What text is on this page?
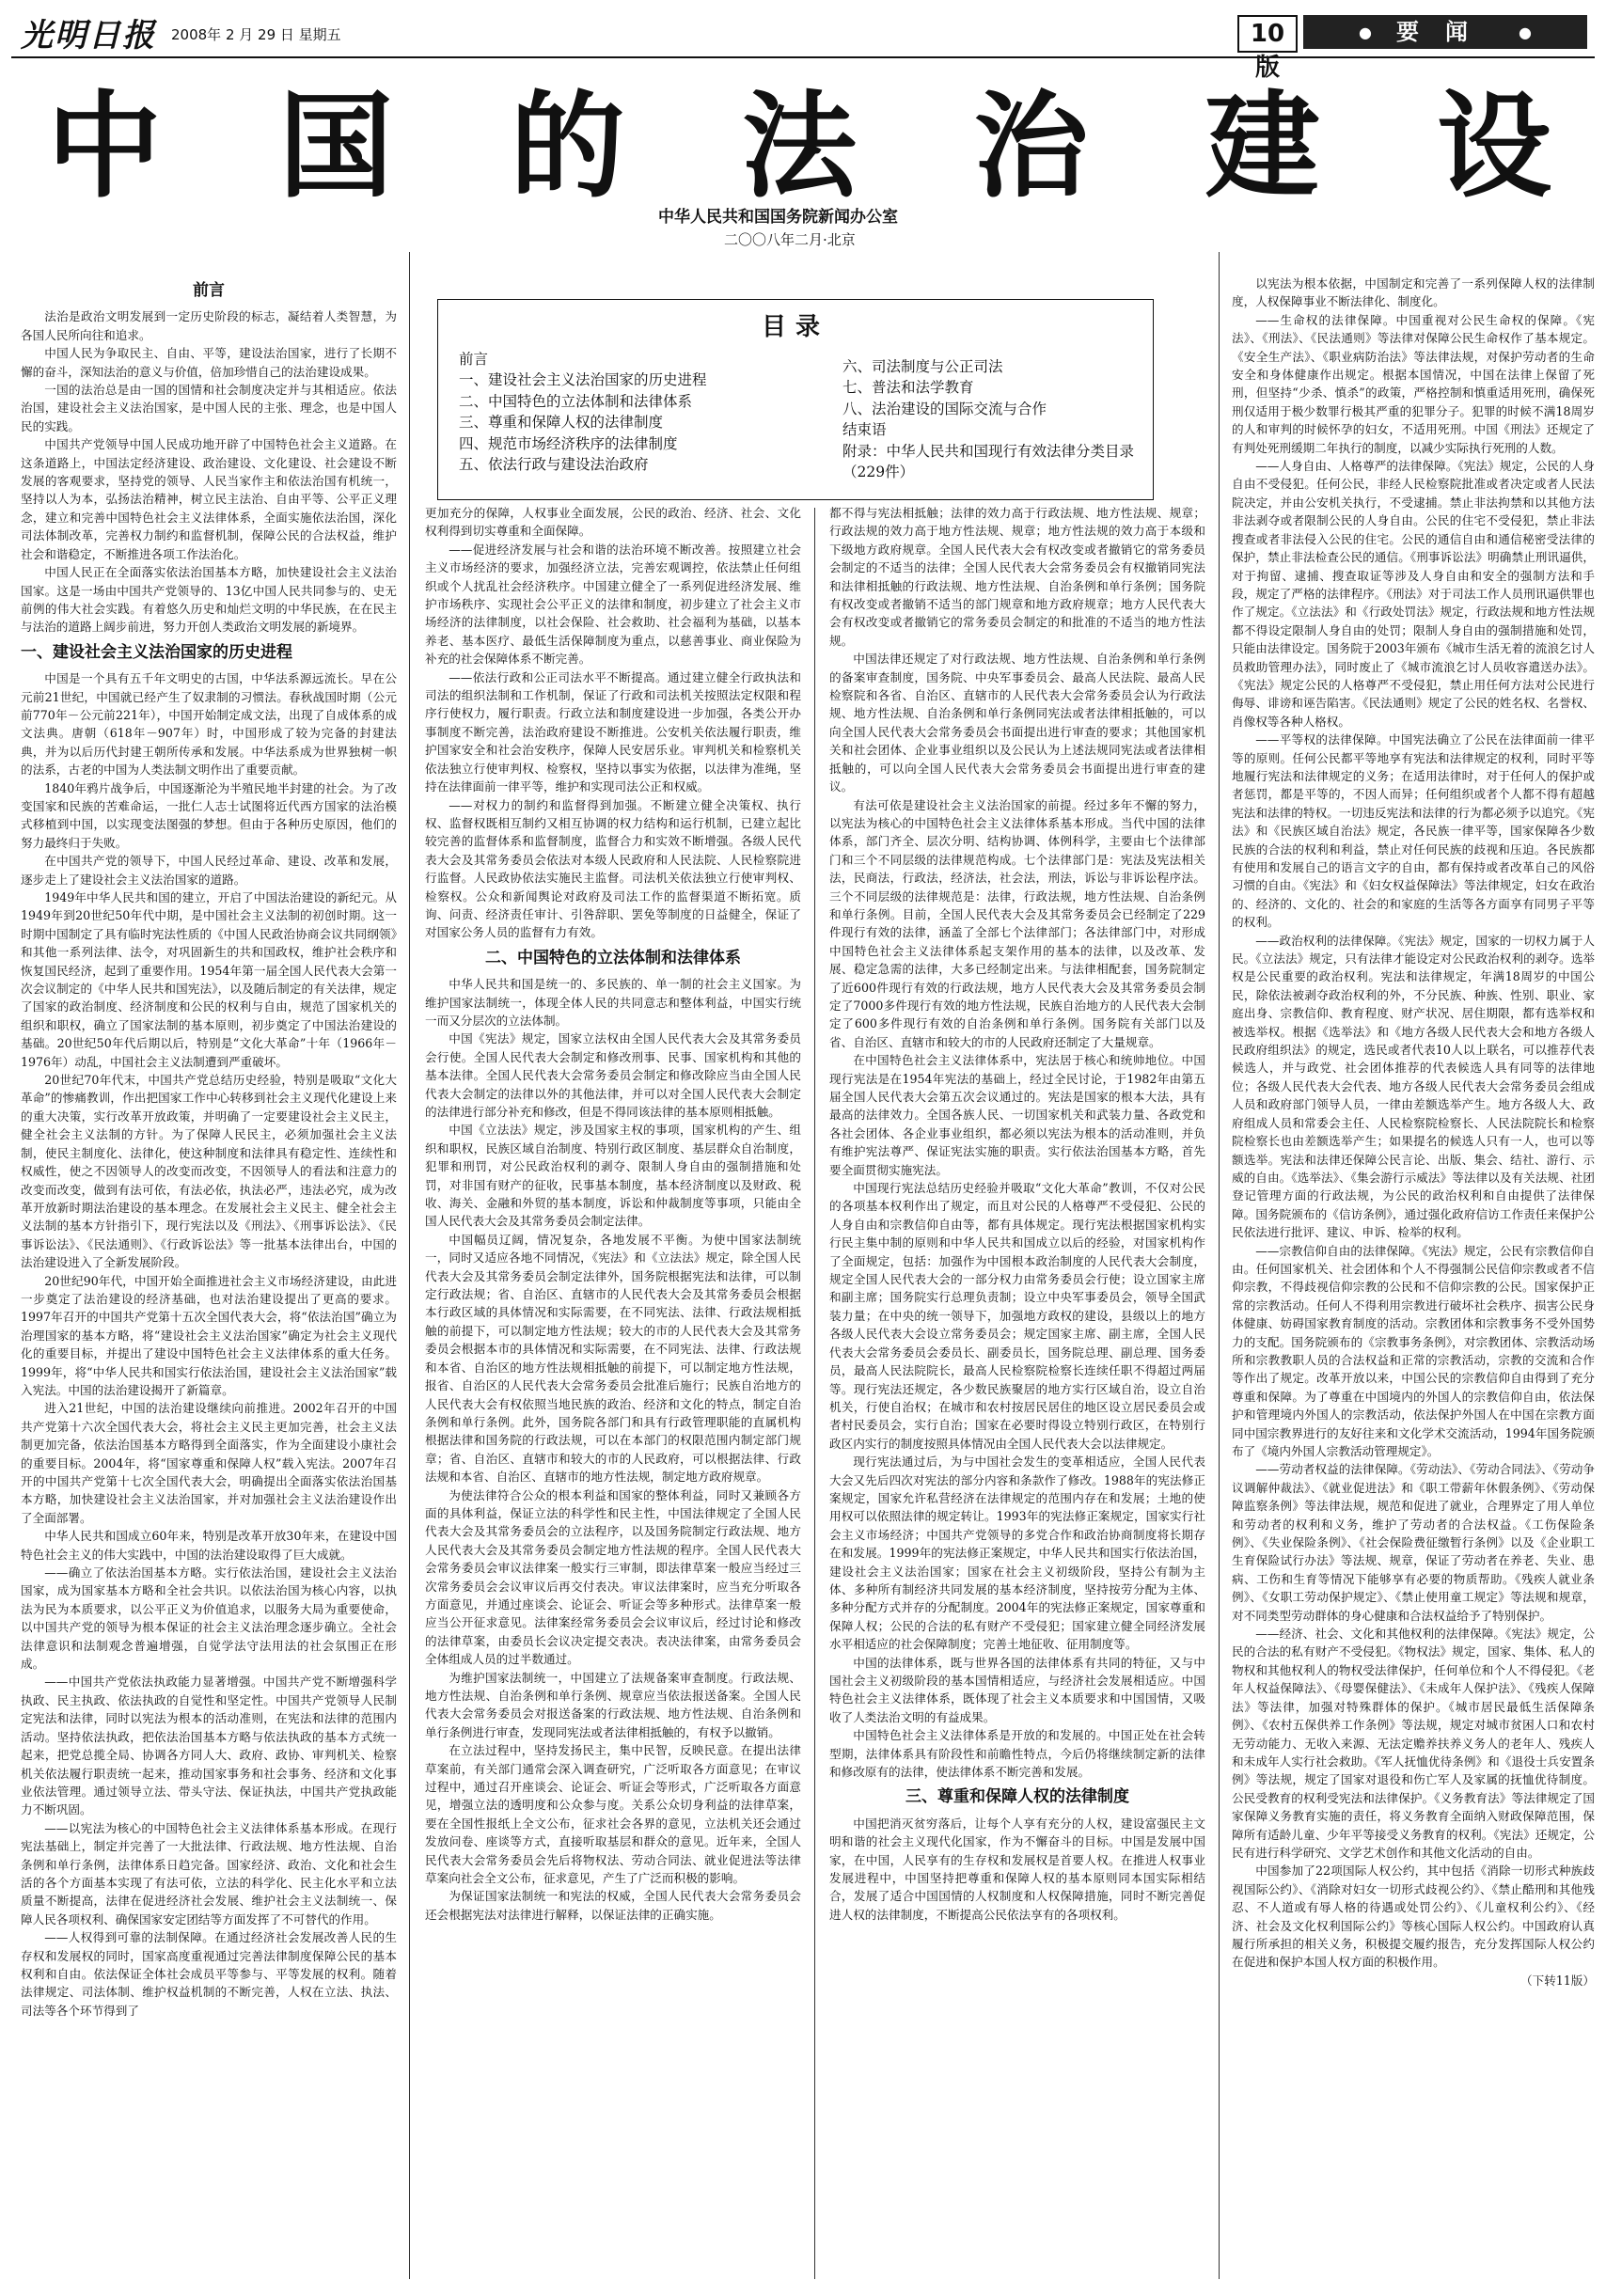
光明日报 2008年 2 月 29 日 星期五	10版
● 要闻 ●
中 国 的 法 治 建 设
中华人民共和国国务院新闻办公室
二〇〇八年二月·北京
前言

法治是政治文明发展到一定历史阶段的标志，凝结着人类智慧，为各国人民所向往和追求。

中国人民为争取民主、自由、平等，建设法治国家，进行了长期不懈的奋斗，深知法治的意义与价值，倍加珍惜自己的法治建设成果。

一国的法治总是由一国的国情和社会制度决定并与其相适应。依法治国，建设社会主义法治国家，是中国人民的主张、理念，也是中国人民的实践。

中国共产党领导中国人民成功地开辟了中国特色社会主义道路。在这条道路上，中国法定经济建设、政治建设、文化建设、社会建设不断发展的客观要求，坚持党的领导、人民当家作主和依法治国有机统一，坚持以人为本，弘扬法治精神，树立民主法治、自由平等、公平正义理念，建立和完善中国特色社会主义法律体系，全面实施依法治国，深化司法体制改革，完善权力制约和监督机制，保障公民的合法权益，维护社会和谐稳定，不断推进各项工作法治化。

中国人民正在全面落实依法治国基本方略，加快建设社会主义法治国家。这是一场由中国共产党领导的、13亿中国人民共同参与的、史无前例的伟大社会实践。有着悠久历史和灿烂文明的中华民族，在在民主与法治的道路上阔步前进，努力开创人类政治文明发展的新境界。

一、建设社会主义法治国家的历史进程

中国是一个具有五千年文明史的古国，中华法系源远流长。早在公元前21世纪，中国就已经产生了奴隶制的习惯法。春秋战国时期（公元前770年－公元前221年），中国开始制定成文法，出现了自成体系的成文法典。唐朝（618年－907年）时，中国形成了较为完备的封建法典，并为以后历代封建王朝所传承和发展。中华法系成为世界独树一帜的法系，古老的中国为人类法制文明作出了重要贡献。

1840年鸦片战争后，中国逐渐沦为半殖民地半封建的社会。为了改变国家和民族的苦难命运，一批仁人志士试图将近代西方国家的法治模式移植到中国，以实现变法图强的梦想。但由于各种历史原因，他们的努力最终归于失败。

在中国共产党的领导下，中国人民经过革命、建设、改革和发展，逐步走上了建设社会主义法治国家的道路。

1949年中华人民共和国的建立，开启了中国法治建设的新纪元。从1949年到20世纪50年代中期，是中国社会主义法制的初创时期。这一时期中国制定了具有临时宪法性质的《中国人民政治协商会议共同纲领》和其他一系列法律、法令，对巩固新生的共和国政权，维护社会秩序和恢复国民经济，起到了重要作用。1954年第一届全国人民代表大会第一次会议制定的《中华人民共和国宪法》，以及随后制定的有关法律，规定了国家的政治制度、经济制度和公民的权利与自由，规范了国家机关的组织和职权，确立了国家法制的基本原则，初步奠定了中国法治建设的基础。20世纪50年代后期以后，特别是“文化大革命”十年（1966年－1976年）动乱，中国社会主义法制遭到严重破坏。

20世纪70年代末，中国共产党总结历史经验，特别是吸取“文化大革命”的惨痛教训，作出把国家工作中心转移到社会主义现代化建设上来的重大决策，实行改革开放政策，并明确了一定要建设社会主义民主，健全社会主义法制的方针。为了保障人民民主，必须加强社会主义法制，使民主制度化、法律化，使这种制度和法律具有稳定性、连续性和权威性，使之不因领导人的改变而改变，不因领导人的看法和注意力的改变而改变，做到有法可依，有法必依，执法必严，违法必究，成为改革开放新时期法治建设的基本理念。在发展社会主义民主、健全社会主义法制的基本方针指引下，现行宪法以及《刑法》、《刑事诉讼法》、《民事诉讼法》、《民法通则》、《行政诉讼法》等一批基本法律出台，中国的法治建设进入了全新发展阶段。

20世纪90年代，中国开始全面推进社会主义市场经济建设，由此进一步奠定了法治建设的经济基础，也对法治建设提出了更高的要求。1997年召开的中国共产党第十五次全国代表大会，将“依法治国”确立为治理国家的基本方略，将“建设社会主义法治国家”确定为社会主义现代化的重要目标，并提出了建设中国特色社会主义法律体系的重大任务。1999年，将“中华人民共和国实行依法治国，建设社会主义法治国家”载入宪法。中国的法治建设揭开了新篇章。

进入21世纪，中国的法治建设继续向前推进。2002年召开的中国共产党第十六次全国代表大会，将社会主义民主更加完善，社会主义法制更加完备，依法治国基本方略得到全面落实，作为全面建设小康社会的重要目标。2004年，将“国家尊重和保障人权”载入宪法。2007年召开的中国共产党第十七次全国代表大会，明确提出全面落实依法治国基本方略，加快建设社会主义法治国家，并对加强社会主义法治建设作出了全面部署。

中华人民共和国成立60年来，特别是改革开放30年来，在建设中国特色社会主义的伟大实践中，中国的法治建设取得了巨大成就。

——确立了依法治国基本方略。实行依法治国，建设社会主义法治国家，成为国家基本方略和全社会共识。以依法治国为核心内容，以执法为民为本质要求，以公平正义为价值追求，以服务大局为重要使命，以中国共产党的领导为根本保证的社会主义法治理念逐步确立。全社会法律意识和法制观念普遍增强，自觉学法守法用法的社会氛围正在形成。

——中国共产党依法执政能力显著增强。中国共产党不断增强科学执政、民主执政、依法执政的自觉性和坚定性。中国共产党领导人民制定宪法和法律，同时以宪法为根本的活动准则，在宪法和法律的范围内活动。坚持依法执政，把依法治国基本方略与依法执政的基本方式统一起来，把党总揽全局、协调各方同人大、政府、政协、审判机关、检察机关依法履行职责统一起来，推动国家事务和社会事务、经济和文化事业依法管理。通过领导立法、带头守法、保证执法，中国共产党执政能力不断巩固。

——以宪法为核心的中国特色社会主义法律体系基本形成。在现行宪法基础上，制定并完善了一大批法律、行政法规、地方性法规、自治条例和单行条例，法律体系日趋完备。国家经济、政治、文化和社会生活的各个方面基本实现了有法可依，立法的科学化、民主化水平和立法质量不断提高，法律在促进经济社会发展、维护社会主义法制统一、保障人民各项权利、确保国家安定团结等方面发挥了不可替代的作用。

——人权得到可靠的法制保障。在通过经济社会发展改善人民的生存权和发展权的同时，国家高度重视通过完善法律制度保障公民的基本权利和自由。依法保证全体社会成员平等参与、平等发展的权利。随着法律规定、司法体制、维护权益机制的不断完善，人权在立法、执法、司法等各个环节得到了

更加充分的保障，人权事业全面发展，公民的政治、经济、社会、文化权利得到切实尊重和全面保障。

——促进经济发展与社会和谐的法治环境不断改善。按照建立社会主义市场经济的要求，加强经济立法，完善宏观调控，依法禁止任何组织或个人扰乱社会经济秩序。中国建立健全了一系列促进经济发展、维护市场秩序、实现社会公平正义的法律和制度，初步建立了社会主义市场经济的法律制度，以社会保险、社会救助、社会福利为基础，以基本养老、基本医疗、最低生活保障制度为重点，以慈善事业、商业保险为补充的社会保障体系不断完善。

——依法行政和公正司法水平不断提高。通过建立健全行政执法和司法的组织法制和工作机制，保证了行政和司法机关按照法定权限和程序行使权力，履行职责。行政立法和制度建设进一步加强，各类公开办事制度不断完善，法治政府建设不断推进。公安机关依法履行职责，维护国家安全和社会治安秩序，保障人民安居乐业。审判机关和检察机关依法独立行使审判权、检察权，坚持以事实为依据，以法律为准绳，坚持在法律面前一律平等，维护和实现司法公正和权威。

——对权力的制约和监督得到加强。不断建立健全决策权、执行权、监督权既相互制约又相互协调的权力结构和运行机制，已建立起比较完善的监督体系和监督制度，监督合力和实效不断增强。各级人民代表大会及其常务委员会依法对本级人民政府和人民法院、人民检察院进行监督。人民政协依法实施民主监督。司法机关依法独立行使审判权、检察权。公众和新闻舆论对政府及司法工作的监督渠道不断拓宽。质询、问责、经济责任审计、引咎辞职、罢免等制度的日益健全，保证了对国家公务人员的监督有力有效。

二、中国特色的立法体制和法律体系

中华人民共和国是统一的、多民族的、单一制的社会主义国家。为维护国家法制统一，体现全体人民的共同意志和整体利益，中国实行统一而又分层次的立法体制。

中国《宪法》规定，国家立法权由全国人民代表大会及其常务委员会行使。全国人民代表大会制定和修改刑事、民事、国家机构和其他的基本法律。全国人民代表大会常务委员会制定和修改除应当由全国人民代表大会制定的法律以外的其他法律，并可以对全国人民代表大会制定的法律进行部分补充和修改，但是不得同该法律的基本原则相抵触。

中国《立法法》规定，涉及国家主权的事项，国家机构的产生、组织和职权，民族区域自治制度、特别行政区制度、基层群众自治制度，犯罪和刑罚，对公民政治权利的剥夺、限制人身自由的强制措施和处罚，对非国有财产的征收，民事基本制度，基本经济制度以及财政、税收、海关、金融和外贸的基本制度，诉讼和仲裁制度等事项，只能由全国人民代表大会及其常务委员会制定法律。

中国幅员辽阔，情况复杂，各地发展不平衡。为使中国家法制统一，同时又适应各地不同情况，《宪法》和《立法法》规定，除全国人民代表大会及其常务委员会制定法律外，国务院根据宪法和法律，可以制定行政法规；省、自治区、直辖市的人民代表大会及其常务委员会根据本行政区域的具体情况和实际需要，在不同宪法、法律、行政法规相抵触的前提下，可以制定地方性法规；较大的市的人民代表大会及其常务委员会根据本市的具体情况和实际需要，在不同宪法、法律、行政法规和本省、自治区的地方性法规相抵触的前提下，可以制定地方性法规，报省、自治区的人民代表大会常务委员会批准后施行；民族自治地方的人民代表大会有权依照当地民族的政治、经济和文化的特点，制定自治条例和单行条例。此外，国务院各部门和具有行政管理职能的直属机构根据法律和国务院的行政法规，可以在本部门的权限范围内制定部门规章；省、自治区、直辖市和较大的市的人民政府，可以根据法律、行政法规和本省、自治区、直辖市的地方性法规，制定地方政府规章。

为使法律符合公众的根本利益和国家的整体利益，同时又兼顾各方面的具体利益，保证立法的科学性和民主性，中国法律规定了全国人民代表大会及其常务委员会的立法程序，以及国务院制定行政法规、地方人民代表大会及其常务委员会制定地方性法规的程序。全国人民代表大会常务委员会审议法律案一般实行三审制，即法律草案一般应当经过三次常务委员会会议审议后再交付表决。审议法律案时，应当充分听取各方面意见，并通过座谈会、论证会、听证会等多种形式。法律草案一般应当公开征求意见。法律案经常务委员会会议审议后，经过讨论和修改的法律草案，由委员长会议决定提交表决。表决法律案，由常务委员会全体组成人员的过半数通过。

为维护国家法制统一，中国建立了法规备案审查制度。行政法规、地方性法规、自治条例和单行条例、规章应当依法报送备案。全国人民代表大会常务委员会对报送备案的行政法规、地方性法规、自治条例和单行条例进行审查，发现同宪法或者法律相抵触的，有权予以撤销。

在立法过程中，坚持发扬民主，集中民智，反映民意。在提出法律草案前，有关部门通常会深入调查研究，广泛听取各方面意见；在审议过程中，通过召开座谈会、论证会、听证会等形式，广泛听取各方面意见，增强立法的透明度和公众参与度。关系公众切身利益的法律草案，要在全国性报纸上全文公布，征求社会各界的意见，立法机关还会通过发放问卷、座谈等方式，直接听取基层和群众的意见。近年来，全国人民代表大会常务委员会先后将物权法、劳动合同法、就业促进法等法律草案向社会全文公布，征求意见，产生了广泛而积极的影响。

为保证国家法制统一和宪法的权威，全国人民代表大会常务委员会还会根据宪法对法律进行解释，以保证法律的正确实施。

都不得与宪法相抵触；法律的效力高于行政法规、地方性法规、规章；行政法规的效力高于地方性法规、规章；地方性法规的效力高于本级和下级地方政府规章。全国人民代表大会有权改变或者撤销它的常务委员会制定的不适当的法律；全国人民代表大会常务委员会有权撤销同宪法和法律相抵触的行政法规、地方性法规、自治条例和单行条例；国务院有权改变或者撤销不适当的部门规章和地方政府规章；地方人民代表大会有权改变或者撤销它的常务委员会制定的和批准的不适当的地方性法规。

中国法律还规定了对行政法规、地方性法规、自治条例和单行条例的备案审查制度，国务院、中央军事委员会、最高人民法院、最高人民检察院和各省、自治区、直辖市的人民代表大会常务委员会认为行政法规、地方性法规、自治条例和单行条例同宪法或者法律相抵触的，可以向全国人民代表大会常务委员会书面提出进行审查的要求；其他国家机关和社会团体、企业事业组织以及公民认为上述法规同宪法或者法律相抵触的，可以向全国人民代表大会常务委员会书面提出进行审查的建议。

有法可依是建设社会主义法治国家的前提。经过多年不懈的努力，以宪法为核心的中国特色社会主义法律体系基本形成。当代中国的法律体系，部门齐全、层次分明、结构协调、体例科学，主要由七个法律部门和三个不同层级的法律规范构成。七个法律部门是：宪法及宪法相关法，民商法，行政法，经济法，社会法，刑法，诉讼与非诉讼程序法。三个不同层级的法律规范是：法律，行政法规，地方性法规、自治条例和单行条例。目前，全国人民代表大会及其常务委员会已经制定了229件现行有效的法律，涵盖了全部七个法律部门；各法律部门中，对形成中国特色社会主义法律体系起支架作用的基本的法律，以及改革、发展、稳定急需的法律，大多已经制定出来。与法律相配套，国务院制定了近600件现行有效的行政法规，地方人民代表大会及其常务委员会制定了7000多件现行有效的地方性法规，民族自治地方的人民代表大会制定了600多件现行有效的自治条例和单行条例。国务院有关部门以及省、自治区、直辖市和较大的市的人民政府还制定了大量规章。

在中国特色社会主义法律体系中，宪法居于核心和统帅地位。中国现行宪法是在1954年宪法的基础上，经过全民讨论，于1982年由第五届全国人民代表大会第五次会议通过的。宪法是国家的根本大法，具有最高的法律效力。全国各族人民、一切国家机关和武装力量、各政党和各社会团体、各企业事业组织，都必须以宪法为根本的活动准则，并负有维护宪法尊严、保证宪法实施的职责。实行依法治国基本方略，首先要全面贯彻实施宪法。

中国现行宪法总结历史经验并吸取“文化大革命”教训，不仅对公民的各项基本权利作出了规定，而且对公民的人格尊严不受侵犯、公民的人身自由和宗教信仰自由等，都有具体规定。现行宪法根据国家机构实行民主集中制的原则和中华人民共和国成立以后的经验，对国家机构作了全面规定，包括：加强作为中国根本政治制度的人民代表大会制度，规定全国人民代表大会的一部分权力由常务委员会行使；设立国家主席和副主席；国务院实行总理负责制；设立中央军事委员会，领导全国武装力量；在中央的统一领导下，加强地方政权的建设，县级以上的地方各级人民代表大会设立常务委员会；规定国家主席、副主席，全国人民代表大会常务委员会委员长、副委员长，国务院总理、副总理、国务委员，最高人民法院院长，最高人民检察院检察长连续任职不得超过两届等。现行宪法还规定，各少数民族聚居的地方实行区域自治，设立自治机关，行使自治权；在城市和农村按居民居住的地区设立居民委员会或者村民委员会，实行自治；国家在必要时得设立特别行政区，在特别行政区内实行的制度按照具体情况由全国人民代表大会以法律规定。

现行宪法通过后，为与中国社会发生的变革相适应，全国人民代表大会又先后四次对宪法的部分内容和条款作了修改。1988年的宪法修正案规定，国家允许私营经济在法律规定的范围内存在和发展；土地的使用权可以依照法律的规定转让。1993年的宪法修正案规定，国家实行社会主义市场经济；中国共产党领导的多党合作和政治协商制度将长期存在和发展。1999年的宪法修正案规定，中华人民共和国实行依法治国，建设社会主义法治国家；国家在社会主义初级阶段，坚持公有制为主体、多种所有制经济共同发展的基本经济制度，坚持按劳分配为主体、多种分配方式并存的分配制度。2004年的宪法修正案规定，国家尊重和保障人权；公民的合法的私有财产不受侵犯；国家建立健全同经济发展水平相适应的社会保障制度；完善土地征收、征用制度等。

中国的法律体系，既与世界各国的法律体系有共同的特征，又与中国社会主义初级阶段的基本国情相适应，与经济社会发展相适应。中国特色社会主义法律体系，既体现了社会主义本质要求和中国国情，又吸收了人类法治文明的有益成果。

中国特色社会主义法律体系是开放的和发展的。中国正处在社会转型期，法律体系具有阶段性和前瞻性特点，今后仍将继续制定新的法律和修改原有的法律，使法律体系不断完善和发展。

三、尊重和保障人权的法律制度

中国把消灭贫穷落后，让每个人享有充分的人权，建设富强民主文明和谐的社会主义现代化国家，作为不懈奋斗的目标。中国是发展中国家，在中国，人民享有的生存权和发展权是首要人权。在推进人权事业发展进程中，中国坚持把尊重和保障人权的基本原则同本国实际相结合，发展了适合中国国情的人权制度和人权保障措施，同时不断完善促进人权的法律制度，不断提高公民依法享有的各项权利。

以宪法为根本依据，中国制定和完善了一系列保障人权的法律制度，人权保障事业不断法律化、制度化。

——生命权的法律保障。中国重视对公民生命权的保障。《宪法》、《刑法》、《民法通则》等法律对保障公民生命权作了基本规定。《安全生产法》、《职业病防治法》等法律法规，对保护劳动者的生命安全和身体健康作出规定。根据本国情况，中国在法律上保留了死刑，但坚持“少杀、慎杀”的政策，严格控制和慎重适用死刑，确保死刑仅适用于极少数罪行极其严重的犯罪分子。犯罪的时候不满18周岁的人和审判的时候怀孕的妇女，不适用死刑。中国《刑法》还规定了有判处死刑缓期二年执行的制度，以减少实际执行死刑的人数。

——人身自由、人格尊严的法律保障。《宪法》规定，公民的人身自由不受侵犯。任何公民，非经人民检察院批准或者决定或者人民法院决定，并由公安机关执行，不受逮捕。禁止非法拘禁和以其他方法非法剥夺或者限制公民的人身自由。公民的住宅不受侵犯，禁止非法搜查或者非法侵入公民的住宅。公民的通信自由和通信秘密受法律的保护，禁止非法检查公民的通信。《刑事诉讼法》明确禁止刑讯逼供，对于拘留、逮捕、搜查取证等涉及人身自由和安全的强制方法和手段，规定了严格的法律程序。《刑法》对于司法工作人员刑讯逼供罪也作了规定。《立法法》和《行政处罚法》规定，行政法规和地方性法规都不得设定限制人身自由的处罚；限制人身自由的强制措施和处罚，只能由法律设定。国务院于2003年颁布《城市生活无着的流浪乞讨人员救助管理办法》，同时废止了《城市流浪乞讨人员收容遣送办法》。《宪法》规定公民的人格尊严不受侵犯，禁止用任何方法对公民进行侮辱、诽谤和诬告陷害。《民法通则》规定了公民的姓名权、名誉权、肖像权等各种人格权。

——平等权的法律保障。中国宪法确立了公民在法律面前一律平等的原则。任何公民都平等地享有宪法和法律规定的权利，同时平等地履行宪法和法律规定的义务；在适用法律时，对于任何人的保护或者惩罚，都是平等的，不因人而异；任何组织或者个人都不得有超越宪法和法律的特权。一切违反宪法和法律的行为都必须予以追究。《宪法》和《民族区域自治法》规定，各民族一律平等，国家保障各少数民族的合法的权利和利益，禁止对任何民族的歧视和压迫。各民族都有使用和发展自己的语言文字的自由，都有保持或者改革自己的风俗习惯的自由。《宪法》和《妇女权益保障法》等法律规定，妇女在政治的、经济的、文化的、社会的和家庭的生活等各方面享有同男子平等的权利。

——政治权利的法律保障。《宪法》规定，国家的一切权力属于人民。《立法法》规定，只有法律才能设定对公民政治权利的剥夺。选举权是公民重要的政治权利。宪法和法律规定，年满18周岁的中国公民，除依法被剥夺政治权利的外，不分民族、种族、性别、职业、家庭出身、宗教信仰、教育程度、财产状况、居住期限，都有选举权和被选举权。根据《选举法》和《地方各级人民代表大会和地方各级人民政府组织法》的规定，选民或者代表10人以上联名，可以推荐代表候选人，并与政党、社会团体推荐的代表候选人具有同等的法律地位；各级人民代表大会代表、地方各级人民代表大会常务委员会组成人员和政府部门领导人员，一律由差额选举产生。地方各级人大、政府组成人员和常委会主任、人民检察院检察长、人民法院院长和检察院检察长也由差额选举产生；如果提名的候选人只有一人，也可以等额选举。宪法和法律还保障公民言论、出版、集会、结社、游行、示威的自由。《选举法》、《集会游行示威法》等法律以及有关法规、社团登记管理方面的行政法规，为公民的政治权利和自由提供了法律保障。国务院颁布的《信访条例》，通过强化政府信访工作责任来保护公民依法进行批评、建议、申诉、检举的权利。

——宗教信仰自由的法律保障。《宪法》规定，公民有宗教信仰自由。任何国家机关、社会团体和个人不得强制公民信仰宗教或者不信仰宗教，不得歧视信仰宗教的公民和不信仰宗教的公民。国家保护正常的宗教活动。任何人不得利用宗教进行破坏社会秩序、损害公民身体健康、妨碍国家教育制度的活动。宗教团体和宗教事务不受外国势力的支配。国务院颁布的《宗教事务条例》，对宗教团体、宗教活动场所和宗教教职人员的合法权益和正常的宗教活动，宗教的交流和合作等作出了规定。改革开放以来，中国公民的宗教信仰自由得到了充分尊重和保障。为了尊重在中国境内的外国人的宗教信仰自由，依法保护和管理境内外国人的宗教活动，依法保护外国人在中国在宗教方面同中国宗教界进行的友好往来和文化学术交流活动，1994年国务院颁布了《境内外国人宗教活动管理规定》。

——劳动者权益的法律保障。《劳动法》、《劳动合同法》、《劳动争议调解仲裁法》、《就业促进法》和《职工带薪年休假条例》、《劳动保障监察条例》等法律法规，规范和促进了就业，合理界定了用人单位和劳动者的权利和义务，维护了劳动者的合法权益。《工伤保险条例》、《失业保险条例》、《社会保险费征缴暂行条例》以及《企业职工生育保险试行办法》等法规、规章，保证了劳动者在养老、失业、患病、工伤和生育等情况下能够享有必要的物质帮助。《残疾人就业条例》、《女职工劳动保护规定》、《禁止使用童工规定》等法规和规章，对不同类型劳动群体的身心健康和合法权益给予了特别保护。

——经济、社会、文化和其他权利的法律保障。《宪法》规定，公民的合法的私有财产不受侵犯。《物权法》规定，国家、集体、私人的物权和其他权利人的物权受法律保护，任何单位和个人不得侵犯。《老年人权益保障法》、《母婴保健法》、《未成年人保护法》、《残疾人保障法》等法律，加强对特殊群体的保护。《城市居民最低生活保障条例》、《农村五保供养工作条例》等法规，规定对城市贫困人口和农村无劳动能力、无收入来源、无法定赡养扶养义务人的老年人、残疾人和未成年人实行社会救助。《军人抚恤优待条例》和《退役士兵安置条例》等法规，规定了国家对退役和伤亡军人及家属的抚恤优待制度。公民受教育的权利受宪法和法律保护。《义务教育法》等法律规定了国家保障义务教育实施的责任，将义务教育全面纳入财政保障范围，保障所有适龄儿童、少年平等接受义务教育的权利。《宪法》还规定，公民有进行科学研究、文学艺术创作和其他文化活动的自由。

中国参加了22项国际人权公约，其中包括《消除一切形式种族歧视国际公约》、《消除对妇女一切形式歧视公约》、《禁止酷刑和其他残忍、不人道或有辱人格的待遇或处罚公约》、《儿童权利公约》、《经济、社会及文化权利国际公约》等核心国际人权公约。中国政府认真履行所承担的相关义务，积极提交履约报告，充分发挥国际人权公约在促进和保护本国人权方面的积极作用。

（下转11版）

目录
前言
一、建设社会主义法治国家的历史进程
二、中国特色的立法体制和法律体系
三、尊重和保障人权的法律制度
四、规范市场经济秩序的法律制度
五、依法行政与建设法治政府
六、司法制度与公正司法
七、普法和法学教育
八、法治建设的国际交流与合作
结束语
附录：中华人民共和国现行有效法律分类目录
（229件）
